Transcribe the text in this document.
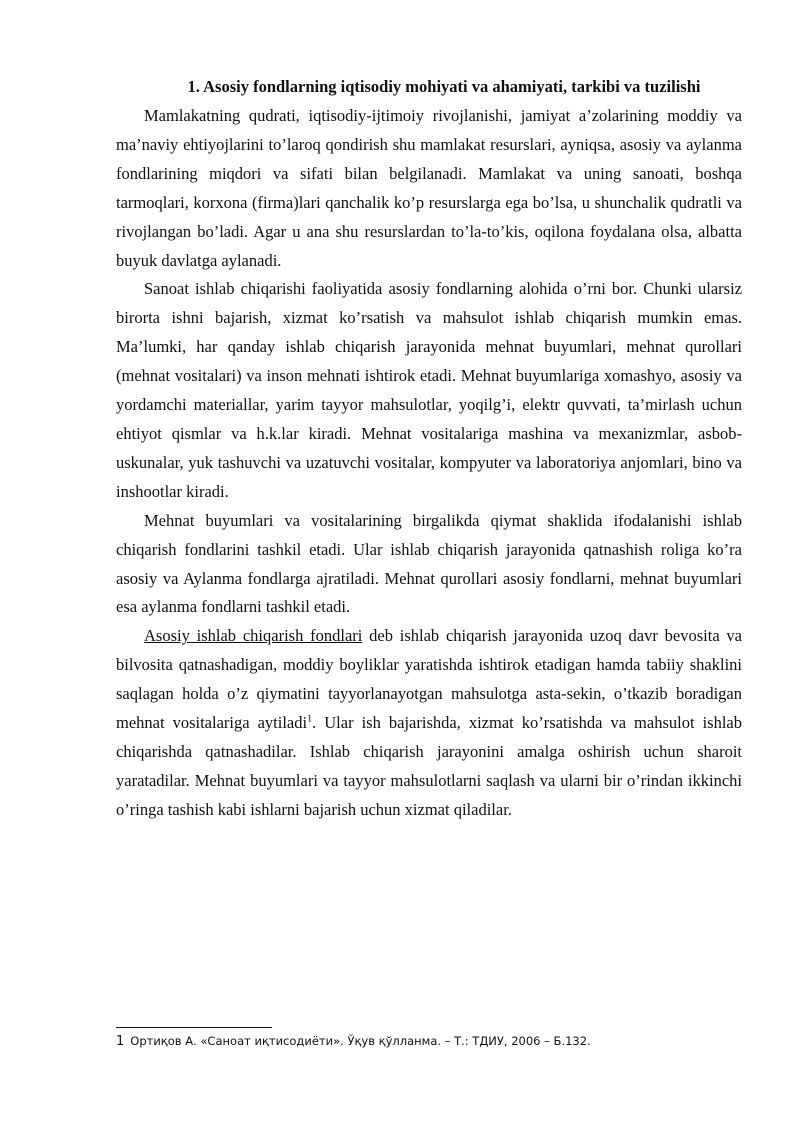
1. Asosiy fondlarning iqtisodiy mohiyati va ahamiyati, tarkibi va tuzilishi

Mamlakatning qudrati, iqtisodiy-ijtimoiy rivojlanishi, jamiyat a’zolarining moddiy va ma’naviy ehtiyojlarini to’laroq qondirish shu mamlakat resurslari, ayniqsa, asosiy va aylanma fondlarining miqdori va sifati bilan belgilanadi. Mamlakat va uning sanoati, boshqa tarmoqlari, korxona (firma)lari qanchalik ko’p resurslarga ega bo’lsa, u shunchalik qudratli va rivojlangan bo’ladi. Agar u ana shu resurslardan to’la-to’kis, oqilona foydalana olsa, albatta buyuk davlatga aylanadi.

Sanoat ishlab chiqarishi faoliyatida asosiy fondlarning alohida o’rni bor. Chunki ularsiz birorta ishni bajarish, xizmat ko’rsatish va mahsulot ishlab chiqarish mumkin emas. Ma’lumki, har qanday ishlab chiqarish jarayonida mehnat buyumlari, mehnat qurollari (mehnat vositalari) va inson mehnati ishtirok etadi. Mehnat buyumlariga xomashyo, asosiy va yordamchi materiallar, yarim tayyor mahsulotlar, yoqilg’i, elektr quvvati, ta’mirlash uchun ehtiyot qismlar va h.k.lar kiradi. Mehnat vositalariga mashina va mexanizmlar, asbob-uskunalar, yuk tashuvchi va uzatuvchi vositalar, kompyuter va laboratoriya anjomlari, bino va inshootlar kiradi.

Mehnat buyumlari va vositalarining birgalikda qiymat shaklida ifodalanishi ishlab chiqarish fondlarini tashkil etadi. Ular ishlab chiqarish jarayonida qatnashish roliga ko’ra asosiy va Aylanma fondlarga ajratiladi. Mehnat qurollari asosiy fondlarni, mehnat buyumlari esa aylanma fondlarni tashkil etadi.

Asosiy ishlab chiqarish fondlari deb ishlab chiqarish jarayonida uzoq davr bevosita va bilvosita qatnashadigan, moddiy boyliklar yaratishda ishtirok etadigan hamda tabiiy shaklini saqlagan holda o’z qiymatini tayyorlanayotgan mahsulotga asta-sekin, o’tkazib boradigan mehnat vositalariga aytiladi$^1$. Ular ish bajarishda, xizmat ko’rsatishda va mahsulot ishlab chiqarishda qatnashadilar. Ishlab chiqarish jarayonini amalga oshirish uchun sharoit yaratadilar. Mehnat buyumlari va tayyor mahsulotlarni saqlash va ularni bir o’rindan ikkinchi o’ringa tashish kabi ishlarni bajarish uchun xizmat qiladilar.

1 Ортиқов А. «Саноат иқтисодиёти». Ўқув қўлланма. – Т.: ТДИУ, 2006 – Б.132.
